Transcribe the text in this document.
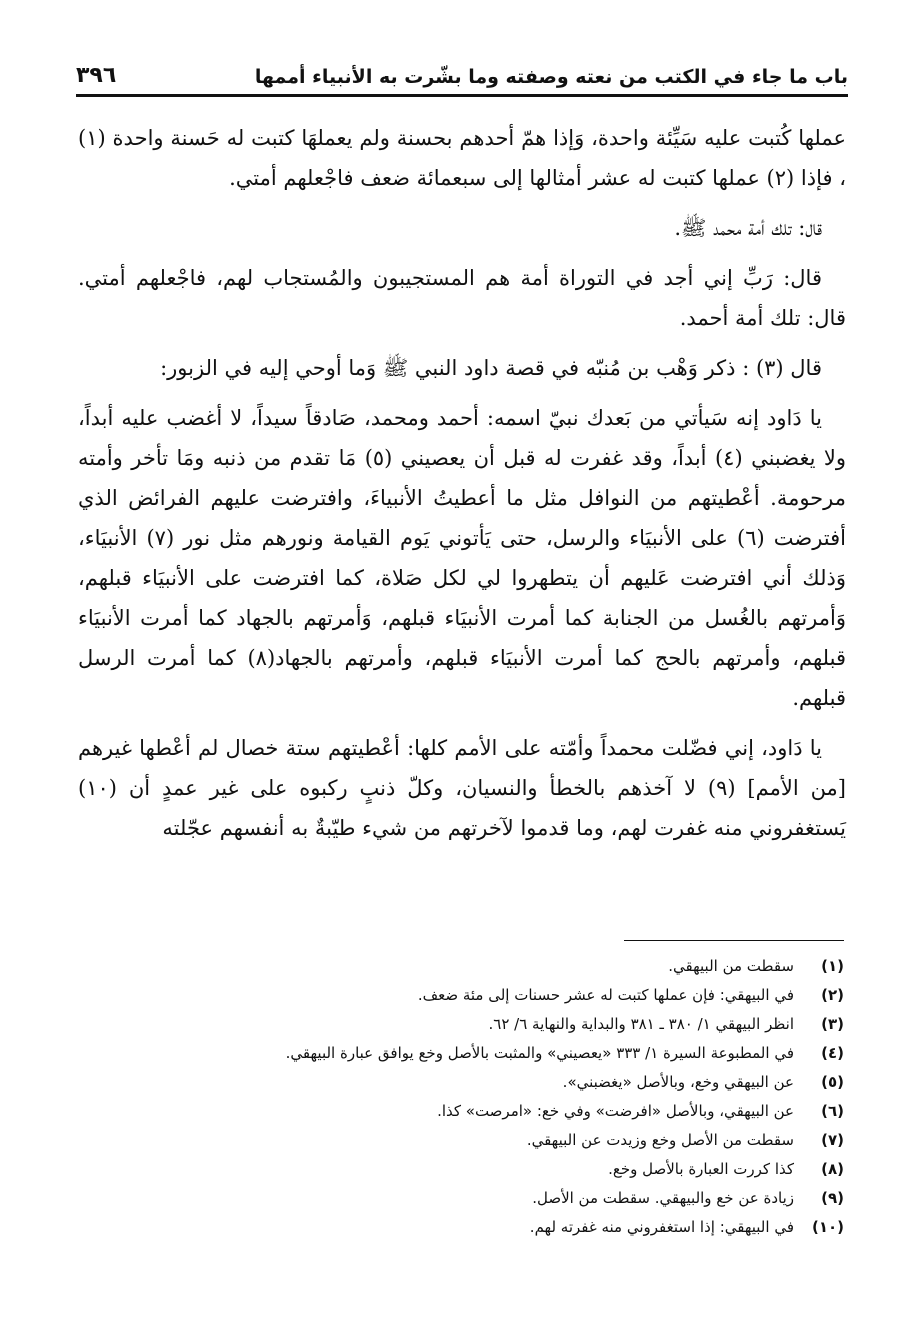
باب ما جاء في الكتب من نعته وصفته وما بشّرت به الأنبياء أممها
٣٩٦

عملها كُتبت عليه سَيِّئة واحدة، وَإذا همّ أحدهم بحسنة ولم يعملهَا كتبت له حَسنة واحدة (١) ، فإذا (٢) عملها كتبت له عشر أمثالها إلى سبعمائة ضعف فاجْعلهم أمتي.

قال: تلك أمة محمد ﷺ.

قال: رَبِّ إني أجد في التوراة أمة هم المستجيبون والمُستجاب لهم، فاجْعلهم أمتي. قال: تلك أمة أحمد.

قال (٣) : ذكر وَهْب بن مُنبّه في قصة داود النبي ﷺ وَما أوحي إليه في الزبور:

يا دَاود إنه سَيأتي من بَعدك نبيّ اسمه: أحمد ومحمد، صَادقاً سيداً، لا أغضب عليه أبداً، ولا يغضبني (٤) أبداً، وقد غفرت له قبل أن يعصيني (٥) مَا تقدم من ذنبه ومَا تأخر وأمته مرحومة. أعْطيتهم من النوافل مثل ما أعطيتُ الأنبياءَ، وافترضت عليهم الفرائض الذي أفترضت (٦) على الأنبيَاء والرسل، حتى يَأتوني يَوم القيامة ونورهم مثل نور (٧) الأنبيَاء، وَذلك أني افترضت عَليهم أن يتطهروا لي لكل صَلاة، كما افترضت على الأنبيَاء قبلهم، وَأمرتهم بالغُسل من الجنابة كما أمرت الأنبيَاء قبلهم، وَأمرتهم بالجهاد كما أمرت الأنبيَاء قبلهم، وأمرتهم بالحج كما أمرت الأنبيَاء قبلهم، وأمرتهم بالجهاد(٨) كما أمرت الرسل قبلهم.

يا دَاود، إني فضّلت محمداً وأمّته على الأمم كلها: أعْطيتهم ستة خصال لم أعْطها غيرهم [من الأمم] (٩) لا آخذهم بالخطأ والنسيان، وكلّ ذنبٍ ركبوه على غير عمدٍ أن (١٠) يَستغفروني منه غفرت لهم، وما قدموا لآخرتهم من شيء طيّبةٌ به أنفسهم عجّلته

(١)
سقطت من البيهقي.
(٢)
في البيهقي: فإن عملها كتبت له عشر حسنات إلى مئة ضعف.
(٣)
انظر البيهقي ١/ ٣٨٠ ـ ٣٨١ والبداية والنهاية ٦/ ٦٢.
(٤)
في المطبوعة السيرة ١/ ٣٣٣ «يعصيني» والمثبت بالأصل وخع يوافق عبارة البيهقي.
(٥)
عن البيهقي وخع، وبالأصل «يغضبني».
(٦)
عن البيهقي، وبالأصل «افرضت» وفي خع: «امرصت» كذا.
(٧)
سقطت من الأصل وخع وزيدت عن البيهقي.
(٨)
كذا كررت العبارة بالأصل وخع.
(٩)
زيادة عن خع والبيهقي. سقطت من الأصل.
(١٠)
في البيهقي: إذا استغفروني منه غفرته لهم.
